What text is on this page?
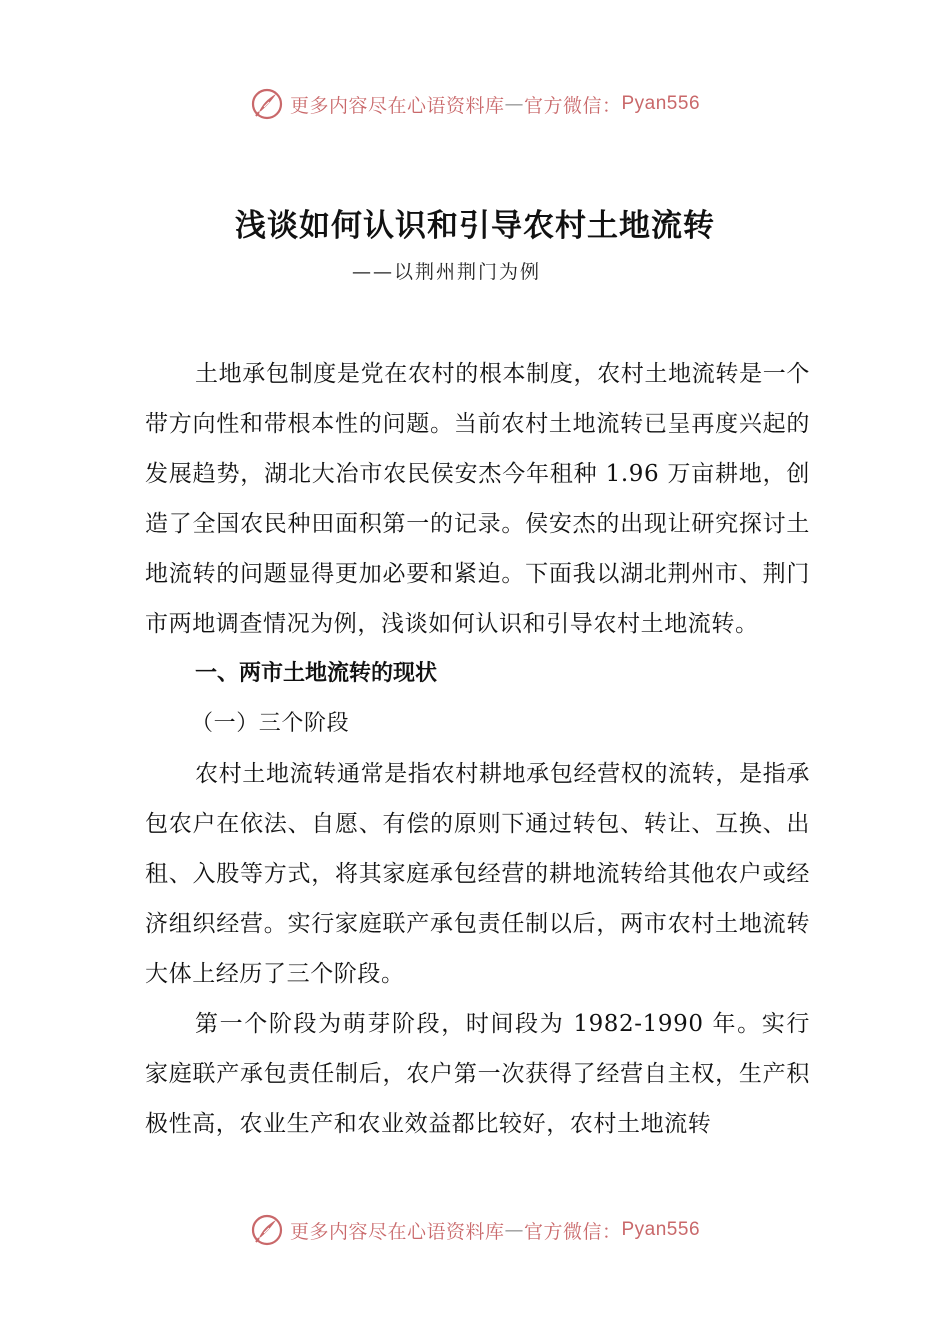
更多内容尽在心语资料库 — 官方微信： Pyan556
浅谈如何认识和引导农村土地流转
——以荆州荆门为例

土地承包制度是党在农村的根本制度，农村土地流转是一个带方向性和带根本性的问题。当前农村土地流转已呈再度兴起的发展趋势，湖北大冶市农民侯安杰今年租种 1.96 万亩耕地，创造了全国农民种田面积第一的记录。侯安杰的出现让研究探讨土地流转的问题显得更加必要和紧迫。下面我以湖北荆州市、荆门市两地调查情况为例，浅谈如何认识和引导农村土地流转。

一、两市土地流转的现状

（一）三个阶段

农村土地流转通常是指农村耕地承包经营权的流转，是指承包农户在依法、自愿、有偿的原则下通过转包、转让、互换、出租、入股等方式，将其家庭承包经营的耕地流转给其他农户或经济组织经营。实行家庭联产承包责任制以后，两市农村土地流转大体上经历了三个阶段。

第一个阶段为萌芽阶段，时间段为 1982-1990 年。实行家庭联产承包责任制后，农户第一次获得了经营自主权，生产积极性高，农业生产和农业效益都比较好，农村土地流转

更多内容尽在心语资料库 — 官方微信： Pyan556
